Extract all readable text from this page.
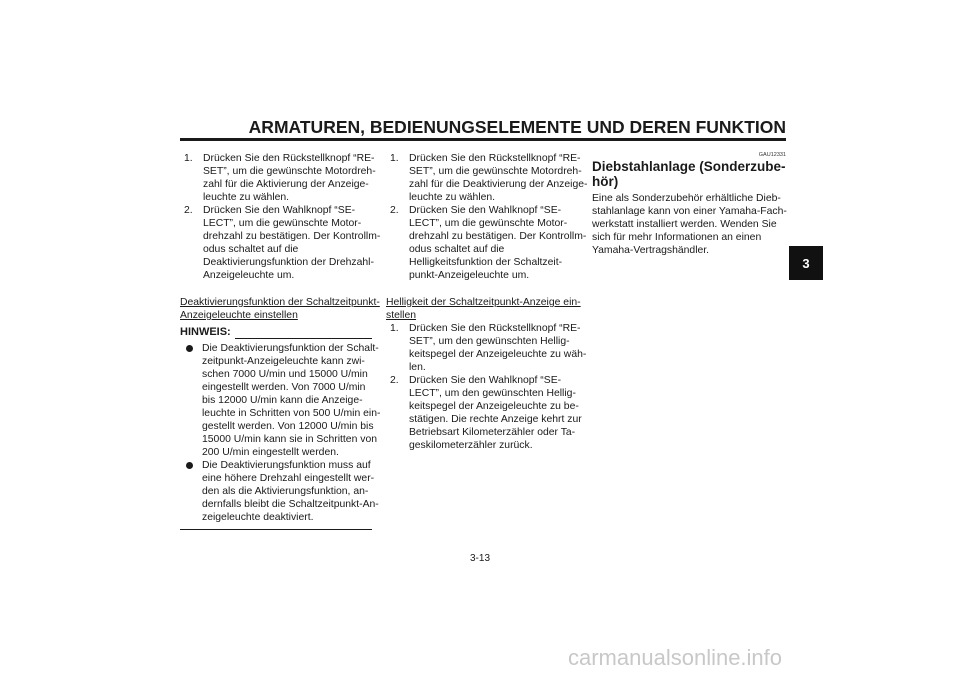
ARMATUREN, BEDIENUNGSELEMENTE UND DEREN FUNKTION
3
1. Drücken Sie den Rückstellknopf “RE-
SET”, um die gewünschte Motordreh-
zahl für die Aktivierung der Anzeige-
leuchte zu wählen.
2. Drücken Sie den Wahlknopf “SE-
LECT”, um die gewünschte Motor-
drehzahl zu bestätigen. Der Kontrollm-
odus schaltet auf die
Deaktivierungsfunktion der Drehzahl-
Anzeigeleuchte um.
Deaktivierungsfunktion der Schaltzeitpunkt-
Anzeigeleuchte einstellen
HINWEIS:
Die Deaktivierungsfunktion der Schalt-
zeitpunkt-Anzeigeleuchte kann zwi-
schen 7000 U/min und 15000 U/min
eingestellt werden. Von 7000 U/min
bis 12000 U/min kann die Anzeige-
leuchte in Schritten von 500 U/min ein-
gestellt werden. Von 12000 U/min bis
15000 U/min kann sie in Schritten von
200 U/min eingestellt werden.
Die Deaktivierungsfunktion muss auf
eine höhere Drehzahl eingestellt wer-
den als die Aktivierungsfunktion, an-
dernfalls bleibt die Schaltzeitpunkt-An-
zeigeleuchte deaktiviert.
1. Drücken Sie den Rückstellknopf “RE-
SET”, um die gewünschte Motordreh-
zahl für die Deaktivierung der Anzeige-
leuchte zu wählen.
2. Drücken Sie den Wahlknopf “SE-
LECT”, um die gewünschte Motor-
drehzahl zu bestätigen. Der Kontrollm-
odus schaltet auf die
Helligkeitsfunktion der Schaltzeit-
punkt-Anzeigeleuchte um.
Helligkeit der Schaltzeitpunkt-Anzeige ein-
stellen
1. Drücken Sie den Rückstellknopf “RE-
SET”, um den gewünschten Hellig-
keitspegel der Anzeigeleuchte zu wäh-
len.
2. Drücken Sie den Wahlknopf “SE-
LECT”, um den gewünschten Hellig-
keitspegel der Anzeigeleuchte zu be-
stätigen. Die rechte Anzeige kehrt zur
Betriebsart Kilometerzähler oder Ta-
geskilometerzähler zurück.
GAU12331
Diebstahlanlage (Sonderzube-
hör)
Eine als Sonderzubehör erhältliche Dieb-
stahlanlage kann von einer Yamaha-Fach-
werkstatt installiert werden. Wenden Sie
sich für mehr Informationen an einen
Yamaha-Vertragshändler.
3-13
carmanualsonline.info
